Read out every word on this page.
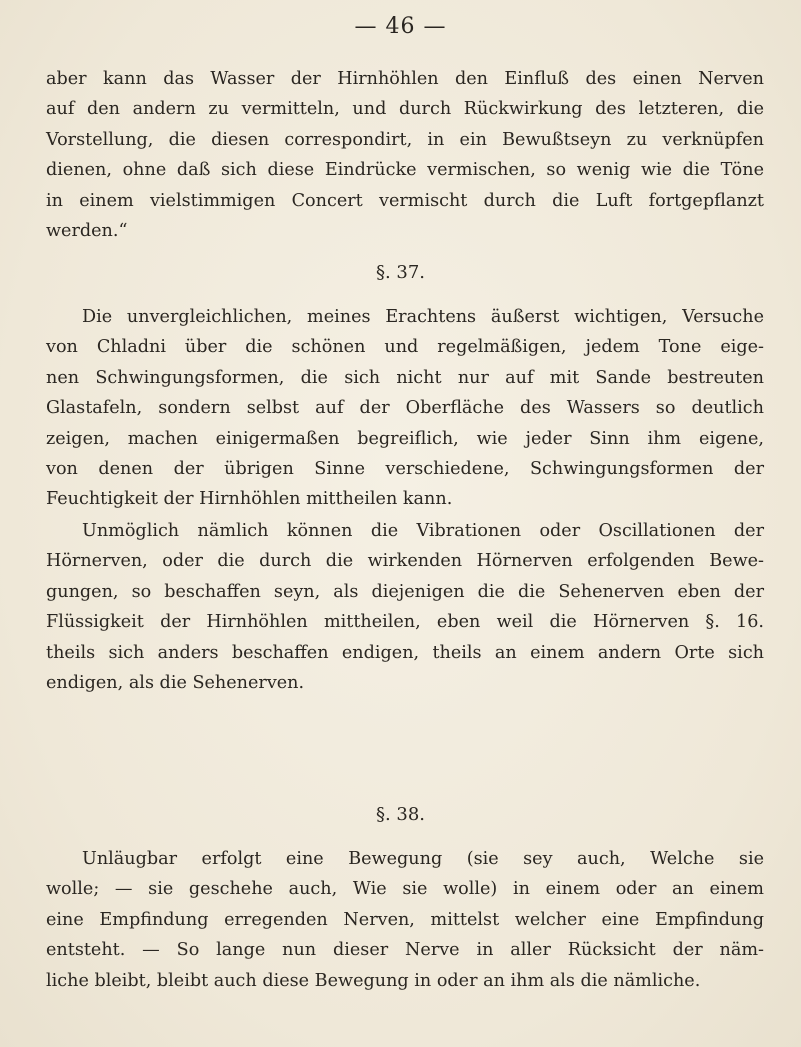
— 46 —
aber kann das Wasser der Hirnhöhlen den Einfluß des einen Nerven
auf den andern zu vermitteln, und durch Rückwirkung des letzteren, die
Vorstellung, die diesen correspondirt, in ein Bewußtseyn zu verknüpfen
dienen, ohne daß sich diese Eindrücke vermischen, so wenig wie die Töne
in einem vielstimmigen Concert vermischt durch die Luft fortgepflanzt
werden.“
§. 37.
Die unvergleichlichen, meines Erachtens äußerst wichtigen, Versuche
von Chladni über die schönen und regelmäßigen, jedem Tone eige-
nen Schwingungsformen, die sich nicht nur auf mit Sande bestreuten
Glastafeln, sondern selbst auf der Oberfläche des Wassers so deutlich
zeigen, machen einigermaßen begreiflich, wie jeder Sinn ihm eigene,
von denen der übrigen Sinne verschiedene, Schwingungsformen der
Feuchtigkeit der Hirnhöhlen mittheilen kann.
Unmöglich nämlich können die Vibrationen oder Oscillationen der
Hörnerven, oder die durch die wirkenden Hörnerven erfolgenden Bewe-
gungen, so beschaffen seyn, als diejenigen die die Sehenerven eben der
Flüssigkeit der Hirnhöhlen mittheilen, eben weil die Hörnerven §. 16.
theils sich anders beschaffen endigen, theils an einem andern Orte sich
endigen, als die Sehenerven.
§. 38.
Unläugbar erfolgt eine Bewegung (sie sey auch, Welche sie
wolle; — sie geschehe auch, Wie sie wolle) in einem oder an einem
eine Empfindung erregenden Nerven, mittelst welcher eine Empfindung
entsteht. — So lange nun dieser Nerve in aller Rücksicht der näm-
liche bleibt, bleibt auch diese Bewegung in oder an ihm als die nämliche.
